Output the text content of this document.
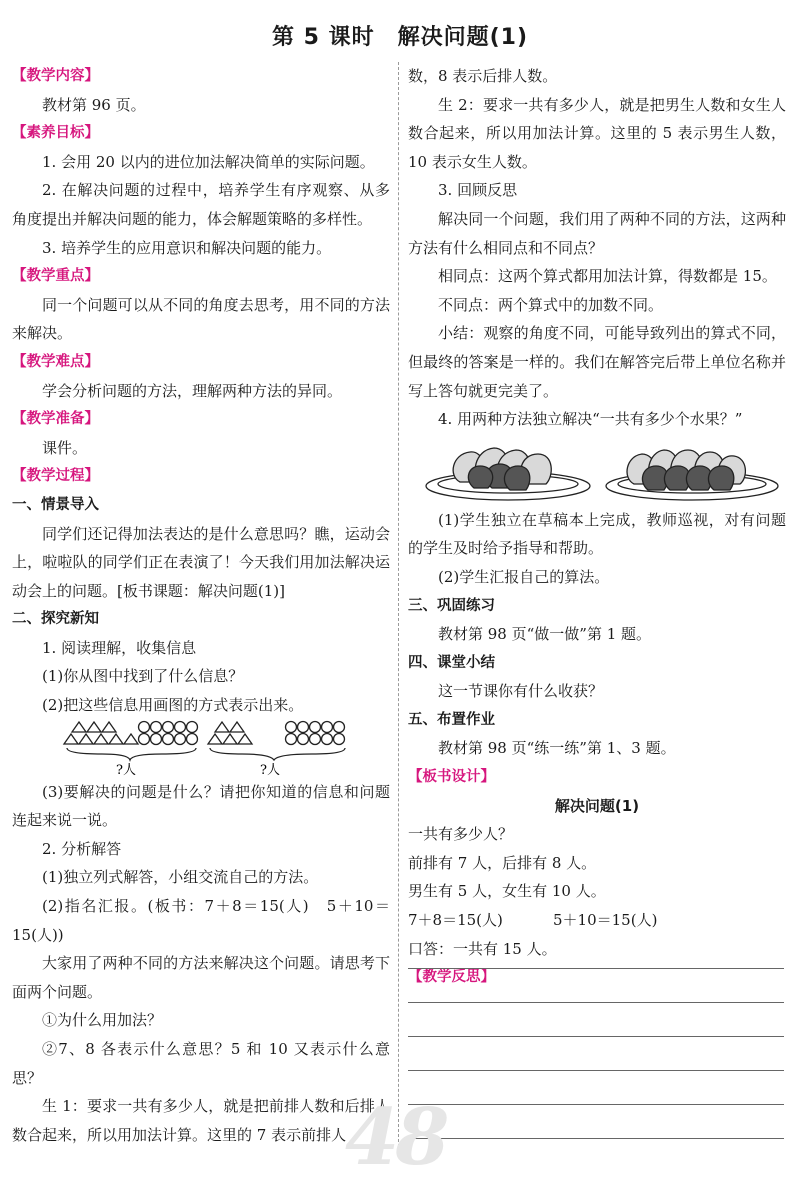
第 5 课时　解决问题(1)
【教学内容】
教材第 96 页。
【素养目标】
1. 会用 20 以内的进位加法解决简单的实际问题。
2. 在解决问题的过程中，培养学生有序观察、从多角度提出并解决问题的能力，体会解题策略的多样性。
3. 培养学生的应用意识和解决问题的能力。
【教学重点】
同一个问题可以从不同的角度去思考，用不同的方法来解决。
【教学难点】
学会分析问题的方法，理解两种方法的异同。
【教学准备】
课件。
【教学过程】
一、情景导入
同学们还记得加法表达的是什么意思吗？瞧，运动会上，啦啦队的同学们正在表演了！今天我们用加法解决运动会上的问题。[板书课题：解决问题(1)]
二、探究新知
1. 阅读理解，收集信息
(1)你从图中找到了什么信息？
(2)把这些信息用画图的方式表示出来。
?人	?人
(3)要解决的问题是什么？请把你知道的信息和问题连起来说一说。
2. 分析解答
(1)独立列式解答，小组交流自己的方法。
(2)指名汇报。(板书：7＋8＝15(人)　5＋10＝15(人))
大家用了两种不同的方法来解决这个问题。请思考下面两个问题。
①为什么用加法？
②7、8 各表示什么意思？5 和 10 又表示什么意思？
生 1：要求一共有多少人，就是把前排人数和后排人数合起来，所以用加法计算。这里的 7 表示前排人
数，8 表示后排人数。
生 2：要求一共有多少人，就是把男生人数和女生人数合起来，所以用加法计算。这里的 5 表示男生人数，10 表示女生人数。
3. 回顾反思
解决同一个问题，我们用了两种不同的方法，这两种方法有什么相同点和不同点？
相同点：这两个算式都用加法计算，得数都是 15。
不同点：两个算式中的加数不同。
小结：观察的角度不同，可能导致列出的算式不同，但最终的答案是一样的。我们在解答完后带上单位名称并写上答句就更完美了。
4. 用两种方法独立解决“一共有多少个水果？”
(1)学生独立在草稿本上完成，教师巡视，对有问题的学生及时给予指导和帮助。
(2)学生汇报自己的算法。
三、巩固练习
教材第 98 页“做一做”第 1 题。
四、课堂小结
这一节课你有什么收获？
五、布置作业
教材第 98 页“练一练”第 1、3 题。
【板书设计】
解决问题(1)
一共有多少人？
前排有 7 人，后排有 8 人。
男生有 5 人，女生有 10 人。
7＋8＝15(人)	5＋10＝15(人)
口答：一共有 15 人。
【教学反思】
48
